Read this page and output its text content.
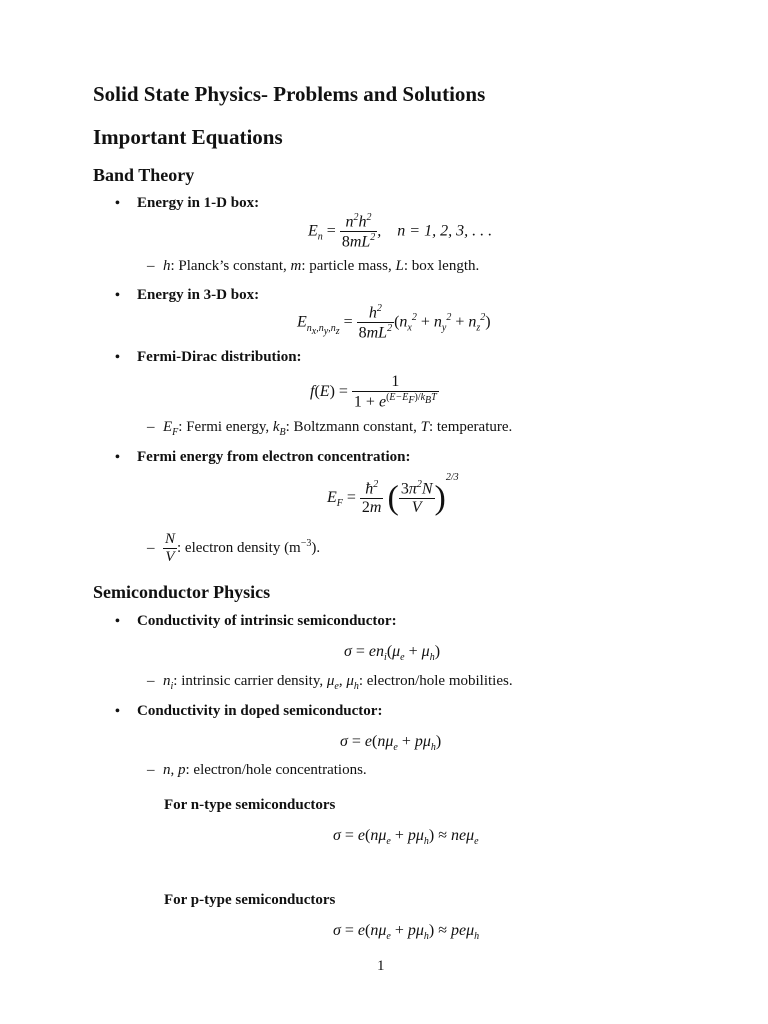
Solid State Physics- Problems and Solutions
Important Equations
Band Theory
• Energy in 1-D box:
$E_n = \frac{n^2h^2}{8mL^2}$ ,    n = 1, 2, 3, . . .
– h: Planck’s constant, m: particle mass, L: box length.
• Energy in 3-D box:
$E_{n_x,n_y,n_z} = \frac{h^2}{8mL^2} (n_x^2 + n_y^2 + n_z^2)$
• Fermi-Dirac distribution:
$f(E) = \frac{1}{1 + e^{(E-E_F)/k_BT}}$
– $E_F$: Fermi energy, $k_B$: Boltzmann constant, T: temperature.
• Fermi energy from electron concentration:
$E_F = \frac{ħ^2}{2m}$ ( $\frac{3\pi^2N}{V} )^{2/3}$
– $\frac{N}{V}$ : electron density $(m^{-3})$.
Semiconductor Physics
• Conductivity of intrinsic semiconductor:
$\sigma = en_i(\mu_e + \mu_h)$
– $n_i$: intrinsic carrier density, $\mu_e$, $\mu_h$: electron/hole mobilities.
• Conductivity in doped semiconductor:
$\sigma = e(n\mu_e + p\mu_h)$
– n, p: electron/hole concentrations.
For n-type semiconductors
$\sigma = e(n\mu_e + p\mu_h) \approx ne\mu_e$
For p-type semiconductors
$\sigma = e(n\mu_e + p\mu_h) \approx pe\mu_h$
1
